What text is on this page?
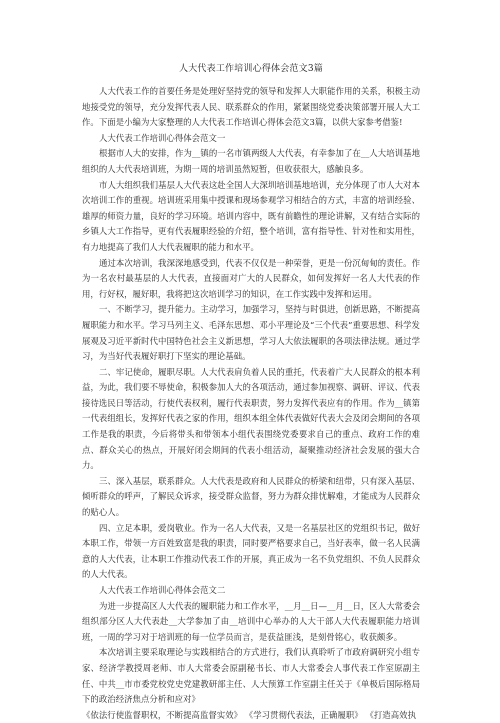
人大代表工作培训心得体会范文3篇

人大代表工作的首要任务是处理好坚持党的领导和发挥人大职能作用的关系，积极主动地接受党的领导，充分发挥代表人民、联系群众的作用，紧紧围绕党委决策部署开展人大工作。下面是小编为大家整理的人大代表工作培训心得体会范文3篇，以供大家参考借鉴!

人大代表工作培训心得体会范文一

根据市人大的安排，作为__镇的一名市镇两级人大代表，有幸参加了在__人大培训基地组织的人大代表培训班，为期一周的培训虽然短暂，但收获很大，感触良多。

市人大组织我们基层人大代表这赴全国人大深圳培训基地培训，充分体现了市人大对本次培训工作的重视。培训班采用集中授课和现场参观学习相结合的方式，丰富的培训经验、雄厚的师资力量，良好的学习环境。培训内容中，既有前瞻性的理论讲解，又有结合实际的乡镇人大工作指导，更有代表履职经验的介绍，整个培训，富有指导性、针对性和实用性，有力地提高了我们人大代表履职的能力和水平。

通过本次培训，我深深地感受到，代表不仅仅是一种荣誉，更是一份沉甸甸的责任。作为一名农村最基层的人大代表，直接面对广大的人民群众，如何发挥好一名人大代表的作用，行好权，履好职，我将把这次培训学习的知识，在工作实践中发挥和运用。

一、不断学习，提升能力。主动学习，加强学习，坚持与时俱进，创新思路，不断提高履职能力和水平。学习马列主义、毛泽东思想、邓小平理论及“三个代表”重要思想、科学发展观及习近平新时代中国特色社会主义新思想，学习人大依法履职的各项法律法规。通过学习，为当好代表履好职打下坚实的理论基础。

二、牢记使命，履职尽职。人大代表肩负着人民的重托，代表着广大人民群众的根本利益，为此，我们要不辱使命，积极参加人大的各项活动，通过参加视察、调研、评议、代表接待选民日等活动，行使代表权利，履行代表职责，努力发挥代表应有的作用。作为__镇第一代表组组长，发挥好代表之家的作用，组织本组全体代表做好代表大会及闭会期间的各项工作是我的职责，今后将带头和带领本小组代表围绕党委要求自己的重点、政府工作的难点、群众关心的热点，开展好闭会期间的代表小组活动，凝聚推动经济社会发展的强大合力。

三、深入基层，联系群众。人大代表是政府和人民群众的桥梁和纽带，只有深入基层、倾听群众的呼声，了解民众诉求，接受群众监督，努力为群众排忧解难，才能成为人民群众的贴心人。

四、立足本职，爱岗敬业。作为一名人大代表，又是一名基层社区的党组织书记，做好本职工作，带领一方百姓致富是我的职责，同时要严格要求自己，当好表率，做一名人民满意的人大代表，让本职工作推动代表工作的开展，真正成为一名不负党组织、不负人民群众的人大代表。

人大代表工作培训心得体会范文二

为进一步提高区人大代表的履职能力和工作水平，__月__日—__月__日，区人大常委会组织部分区人大代表赴__大学参加了由__培训中心举办的人大干部人大代表履职能力培训班，一周的学习对于培训班的每一位学员而言，是获益匪浅，是刻骨铭心，收获颇多。

本次培训主要采取理论与实践相结合的方式进行，我们认真聆听了市政府调研究小组专家、经济学教授周老师、市人大常委会原副秘书长、市人大常委会人事代表工作室原副主任、中共__市市委党校党史党建教研部主任、人大预算工作室副主任关于《单极后国际格局下的政治经济焦点分析和应对》

《依法行使监督职权，不断提高监督实效》 《学习贯彻代表法，正确履职》 《打造高效执
